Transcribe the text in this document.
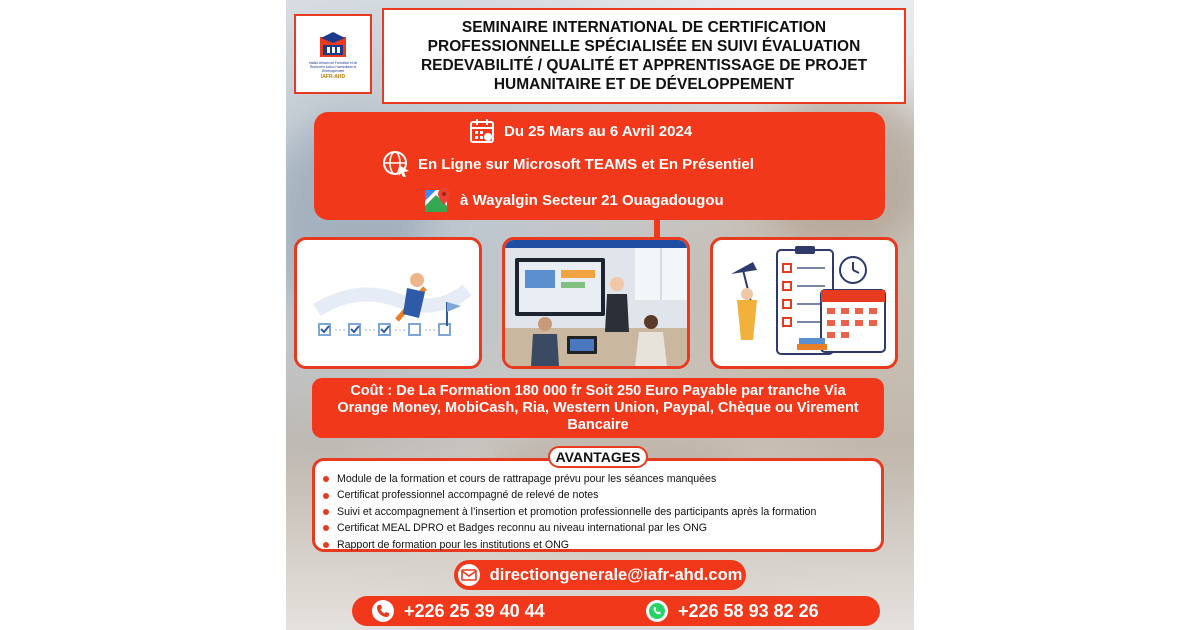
Institut Africain de Formation et de Recherche Action Humanitaire et Développement
IAFR-AHD
SEMINAIRE INTERNATIONAL DE CERTIFICATION
PROFESSIONNELLE SPÉCIALISÉE EN SUIVI ÉVALUATION
REDEVABILITÉ / QUALITÉ ET APPRENTISSAGE DE PROJET
HUMANITAIRE ET DE DÉVELOPPEMENT
Du 25 Mars au 6 Avril 2024
En Ligne sur Microsoft TEAMS et En Présentiel
à Wayalgin Secteur 21 Ouagadougou
Coût : De La Formation 180 000 fr Soit 250 Euro Payable par tranche Via
Orange Money, MobiCash, Ria, Western Union, Paypal, Chèque ou Virement
Bancaire
Module de la formation et cours de rattrapage prévu pour les séances manquées
Certificat professionnel accompagné de relevé de notes
Suivi et accompagnement à l’insertion et promotion professionnelle des participants après la formation
Certificat MEAL DPRO et Badges reconnu au niveau international par les ONG
Rapport de formation pour les institutions et ONG
AVANTAGES
directiongenerale@iafr-ahd.com
+226 25 39 40 44	+226 58 93 82 26
